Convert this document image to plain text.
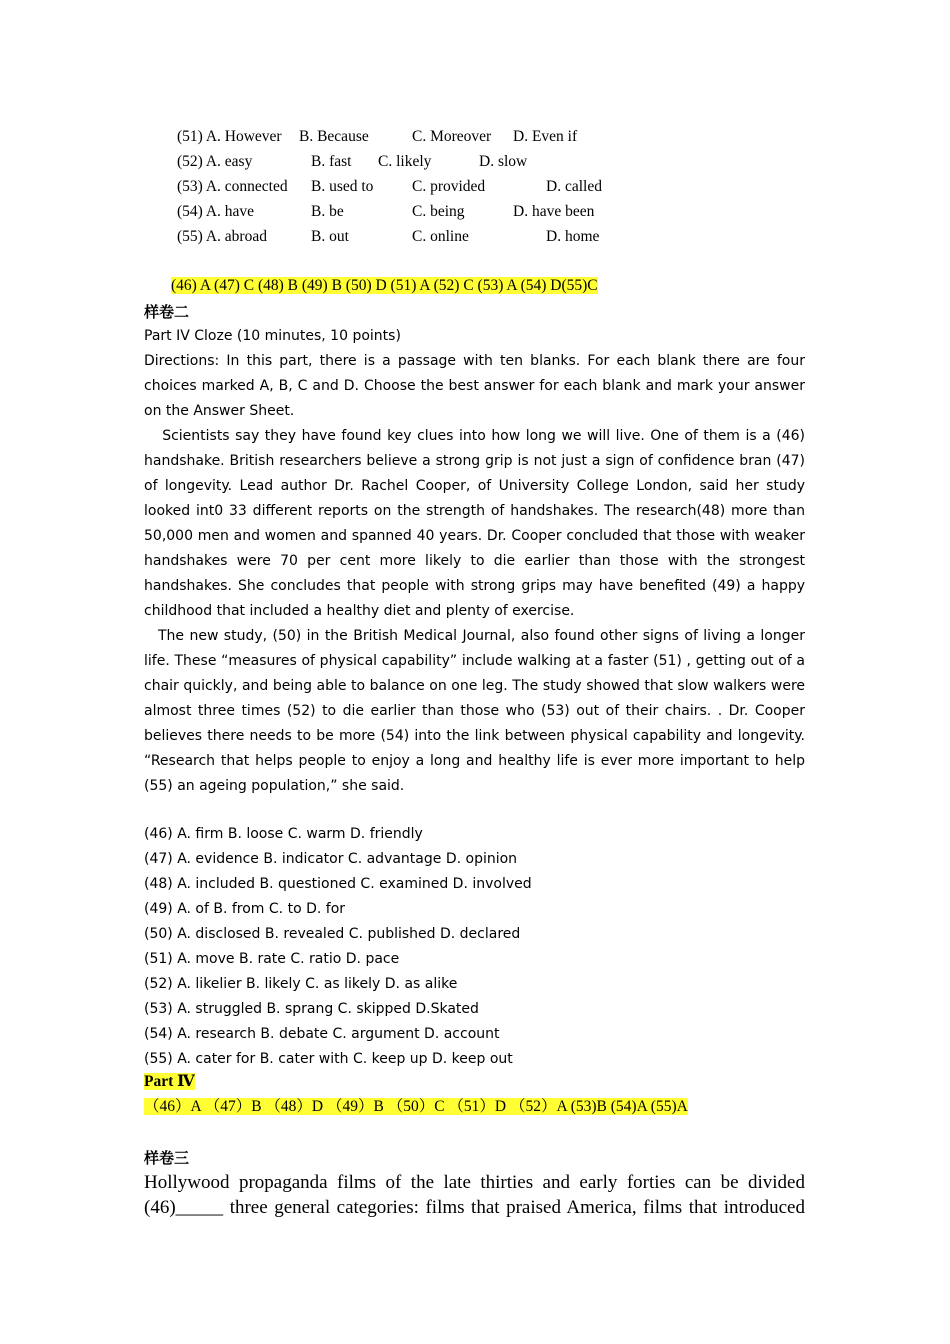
(51) A. However B. Because	C. Moreover D. Even if
(52) A. easy	B. fast C. likely	D. slow
(53) A. connected B. used to C. provided	D. called
(54) A. have	B. be	C. being	D. have been
(55) A. abroad	B. out	C. online	D. home
(46) A (47) C (48) B (49) B (50) D (51) A (52) C (53) A (54) D(55)C
样卷二

Part IV Cloze (10 minutes, 10 points)

Directions: In this part, there is a passage with ten blanks. For each blank there are four choices marked A, B, C and D. Choose the best answer for each blank and mark your answer on the Answer Sheet.

Scientists say they have found key clues into how long we will live. One of them is a (46) handshake. British researchers believe a strong grip is not just a sign of confidence bran (47) of longevity. Lead author Dr. Rachel Cooper, of University College London, said her study looked int0 33 different reports on the strength of handshakes. The research(48) more than 50,000 men and women and spanned 40 years. Dr. Cooper concluded that those with weaker handshakes were 70 per cent more likely to die earlier than those with the strongest handshakes. She concludes that people with strong grips may have benefited (49) a happy childhood that included a healthy diet and plenty of exercise.

The new study, (50) in the British Medical Journal, also found other signs of living a longer life. These “measures of physical capability” include walking at a faster (51) , getting out of a chair quickly, and being able to balance on one leg. The study showed that slow walkers were almost three times (52) to die earlier than those who (53) out of their chairs. . Dr. Cooper believes there needs to be more (54) into the link between physical capability and longevity. “Research that helps people to enjoy a long and healthy life is ever more important to help (55) an ageing population,” she said.

(46) A. firm B. loose C. warm D. friendly
(47) A. evidence B. indicator C. advantage D. opinion
(48) A. included B. questioned C. examined D. involved
(49) A. of B. from C. to D. for
(50) A. disclosed B. revealed C. published D. declared
(51) A. move B. rate C. ratio D. pace
(52) A. likelier B. likely C. as likely D. as alike
(53) A. struggled B. sprang C. skipped D.Skated
(54) A. research B. debate C. argument D. account
(55) A. cater for B. cater with C. keep up D. keep out
Part Ⅳ
（46）A （47）B （48）D （49）B （50）C （51）D （52）A (53)B (54)A (55)A
样卷三

Hollywood propaganda films of the late thirties and early forties can be divided

(46)_____ three general categories: films that praised America, films that introduced
